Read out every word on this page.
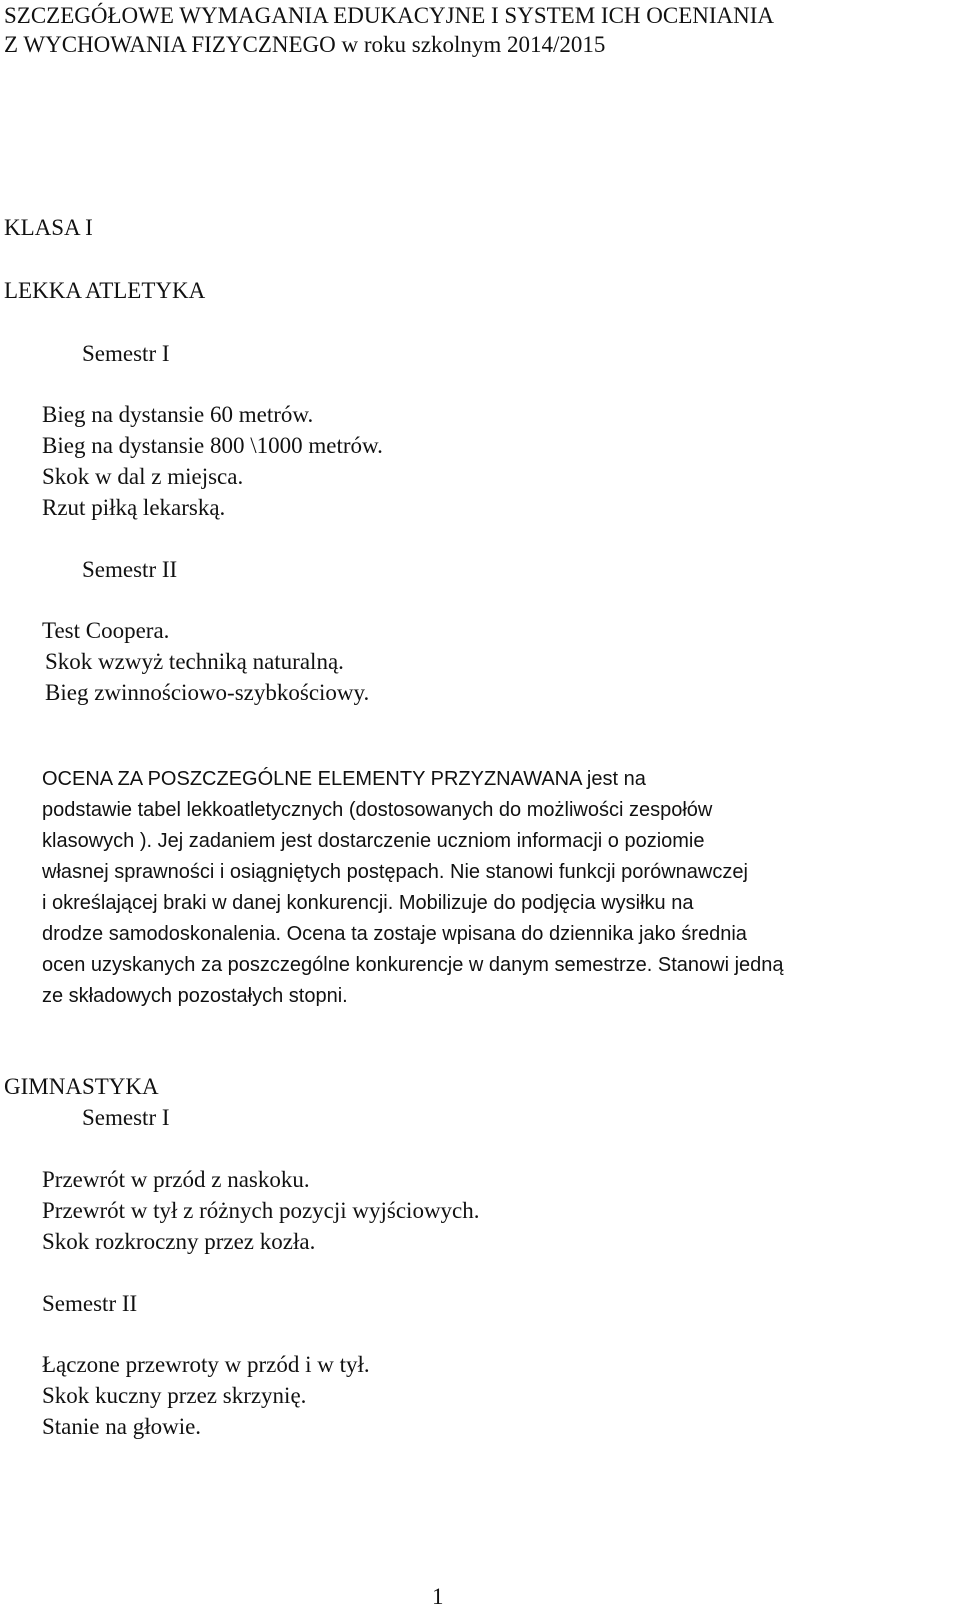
SZCZEGÓŁOWE WYMAGANIA EDUKACYJNE I SYSTEM ICH OCENIANIA

Z WYCHOWANIA FIZYCZNEGO w roku szkolnym 2014/2015

KLASA I

LEKKA ATLETYKA

Semestr I

Bieg na dystansie 60 metrów.

Bieg na dystansie 800 \1000 metrów.

Skok w dal z miejsca.

Rzut piłką lekarską.

Semestr II

Test Coopera.

Skok wzwyż techniką naturalną.

Bieg zwinnościowo-szybkościowy.

OCENA ZA POSZCZEGÓLNE ELEMENTY PRZYZNAWANA jest na

podstawie tabel lekkoatletycznych (dostosowanych do możliwości zespołów

klasowych ). Jej zadaniem jest dostarczenie uczniom informacji o poziomie

własnej sprawności i osiągniętych postępach. Nie stanowi funkcji porównawczej

i określającej braki w danej konkurencji. Mobilizuje do podjęcia wysiłku na

drodze samodoskonalenia. Ocena ta zostaje wpisana do dziennika jako średnia

ocen uzyskanych za poszczególne konkurencje w danym semestrze. Stanowi jedną

ze składowych pozostałych stopni.

GIMNASTYKA

Semestr I

Przewrót w przód z naskoku.

Przewrót w tył z różnych pozycji wyjściowych.

Skok rozkroczny przez kozła.

Semestr II

Łączone przewroty w przód i w tył.

Skok kuczny przez skrzynię.

Stanie na głowie.

1
